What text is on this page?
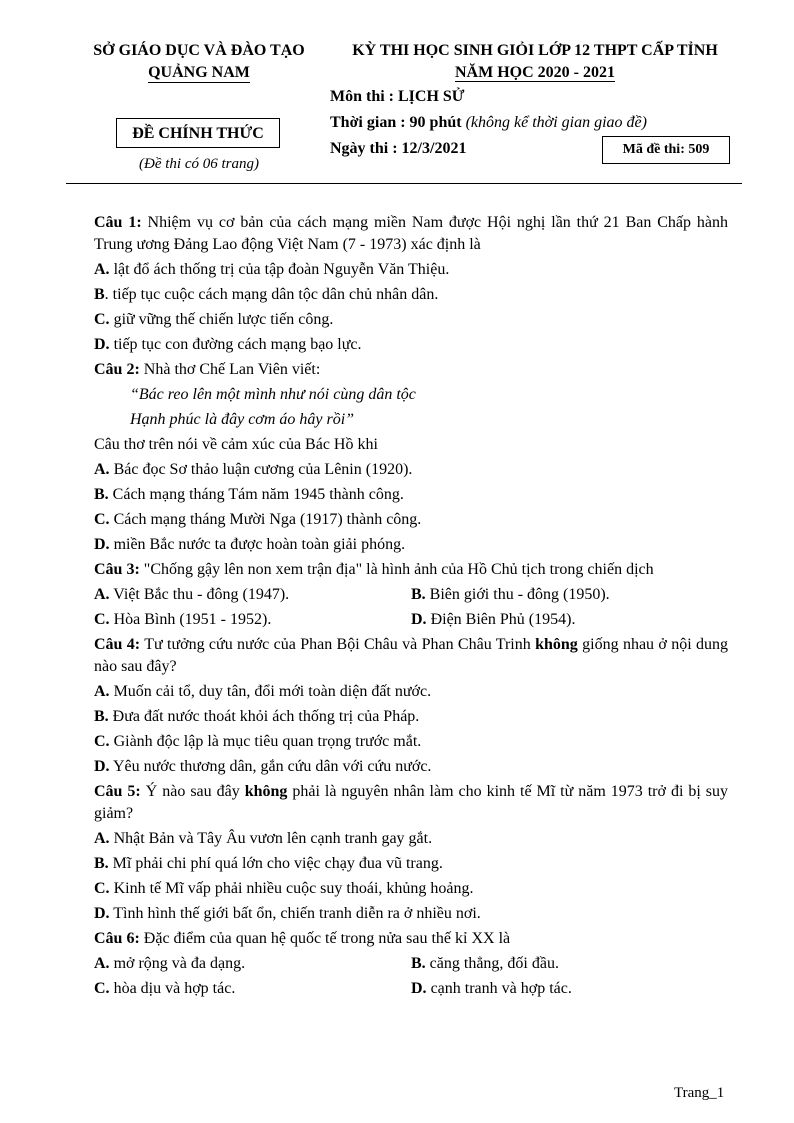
SỞ GIÁO DỤC VÀ ĐÀO TẠO
QUẢNG NAM
ĐỀ CHÍNH THỨC
(Đề thi có 06 trang)
KỲ THI HỌC SINH GIỎI LỚP 12 THPT CẤP TỈNH
NĂM HỌC 2020 - 2021
Môn thi : LỊCH SỬ
Thời gian : 90 phút (không kể thời gian giao đề)
Ngày thi : 12/3/2021	Mã đề thi: 509
Câu 1: Nhiệm vụ cơ bản của cách mạng miền Nam được Hội nghị lần thứ 21 Ban Chấp hành Trung ương Đảng Lao động Việt Nam (7 - 1973) xác định là
A. lật đổ ách thống trị của tập đoàn Nguyễn Văn Thiệu.
B. tiếp tục cuộc cách mạng dân tộc dân chủ nhân dân.
C. giữ vững thế chiến lược tiến công.
D. tiếp tục con đường cách mạng bạo lực.
Câu 2: Nhà thơ Chế Lan Viên viết:
“Bác reo lên một mình như nói cùng dân tộc
Hạnh phúc là đây cơm áo hây rồi”
Câu thơ trên nói về cảm xúc của Bác Hồ khi
A. Bác đọc Sơ thảo luận cương của Lênin (1920).
B. Cách mạng tháng Tám năm 1945 thành công.
C. Cách mạng tháng Mười Nga (1917) thành công.
D. miền Bắc nước ta được hoàn toàn giải phóng.
Câu 3: "Chống gậy lên non xem trận địa" là hình ảnh của Hồ Chủ tịch trong chiến dịch
A. Việt Bắc thu - đông (1947).	B. Biên giới thu - đông (1950).
C. Hòa Bình (1951 - 1952).	D. Điện Biên Phủ (1954).
Câu 4: Tư tưởng cứu nước của Phan Bội Châu và Phan Châu Trinh không giống nhau ở nội dung nào sau đây?
A. Muốn cải tổ, duy tân, đổi mới toàn diện đất nước.
B. Đưa đất nước thoát khỏi ách thống trị của Pháp.
C. Giành độc lập là mục tiêu quan trọng trước mắt.
D. Yêu nước thương dân, gắn cứu dân với cứu nước.
Câu 5: Ý nào sau đây không phải là nguyên nhân làm cho kinh tế Mĩ từ năm 1973 trở đi bị suy giảm?
A. Nhật Bản và Tây Âu vươn lên cạnh tranh gay gắt.
B. Mĩ phải chi phí quá lớn cho việc chạy đua vũ trang.
C. Kinh tế Mĩ vấp phải nhiều cuộc suy thoái, khủng hoảng.
D. Tình hình thế giới bất ổn, chiến tranh diễn ra ở nhiều nơi.
Câu 6: Đặc điểm của quan hệ quốc tế trong nửa sau thế kỉ XX là
A. mở rộng và đa dạng.	B. căng thẳng, đối đầu.
C. hòa dịu và hợp tác.	D. cạnh tranh và hợp tác.
Trang_1
